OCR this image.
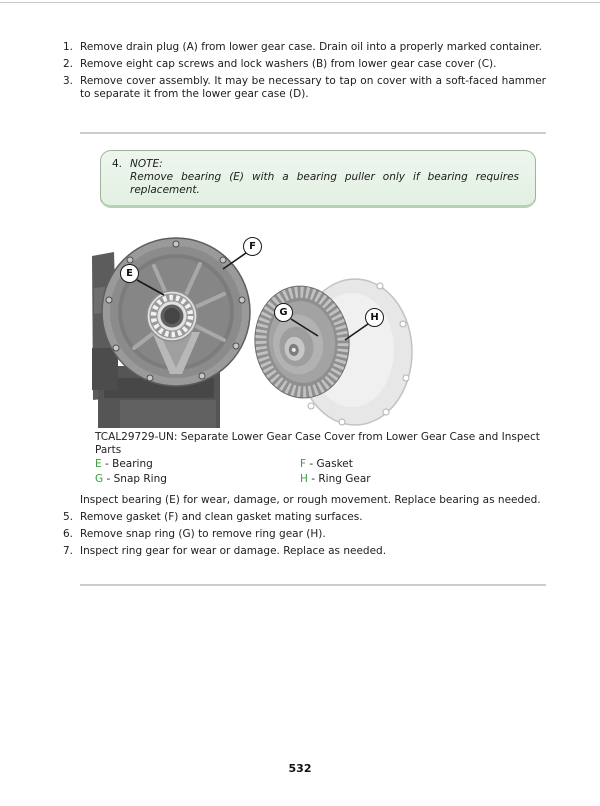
1. Remove drain plug (A) from lower gear case. Drain oil into a properly marked container.
2. Remove eight cap screws and lock washers (B) from lower gear case cover (C).
3. Remove cover assembly. It may be necessary to tap on cover with a soft-faced hammer to separate it from the lower gear case (D).
4. NOTE:
Remove bearing (E) with a bearing puller only if bearing requires replacement.
E
F
G	H
TCAL29729-UN: Separate Lower Gear Case Cover from Lower Gear Case and Inspect Parts
E - Bearing	F - Gasket
G - Snap Ring	H - Ring Gear
Inspect bearing (E) for wear, damage, or rough movement. Replace bearing as needed.
5. Remove gasket (F) and clean gasket mating surfaces.
6. Remove snap ring (G) to remove ring gear (H).
7. Inspect ring gear for wear or damage. Replace as needed.
532
